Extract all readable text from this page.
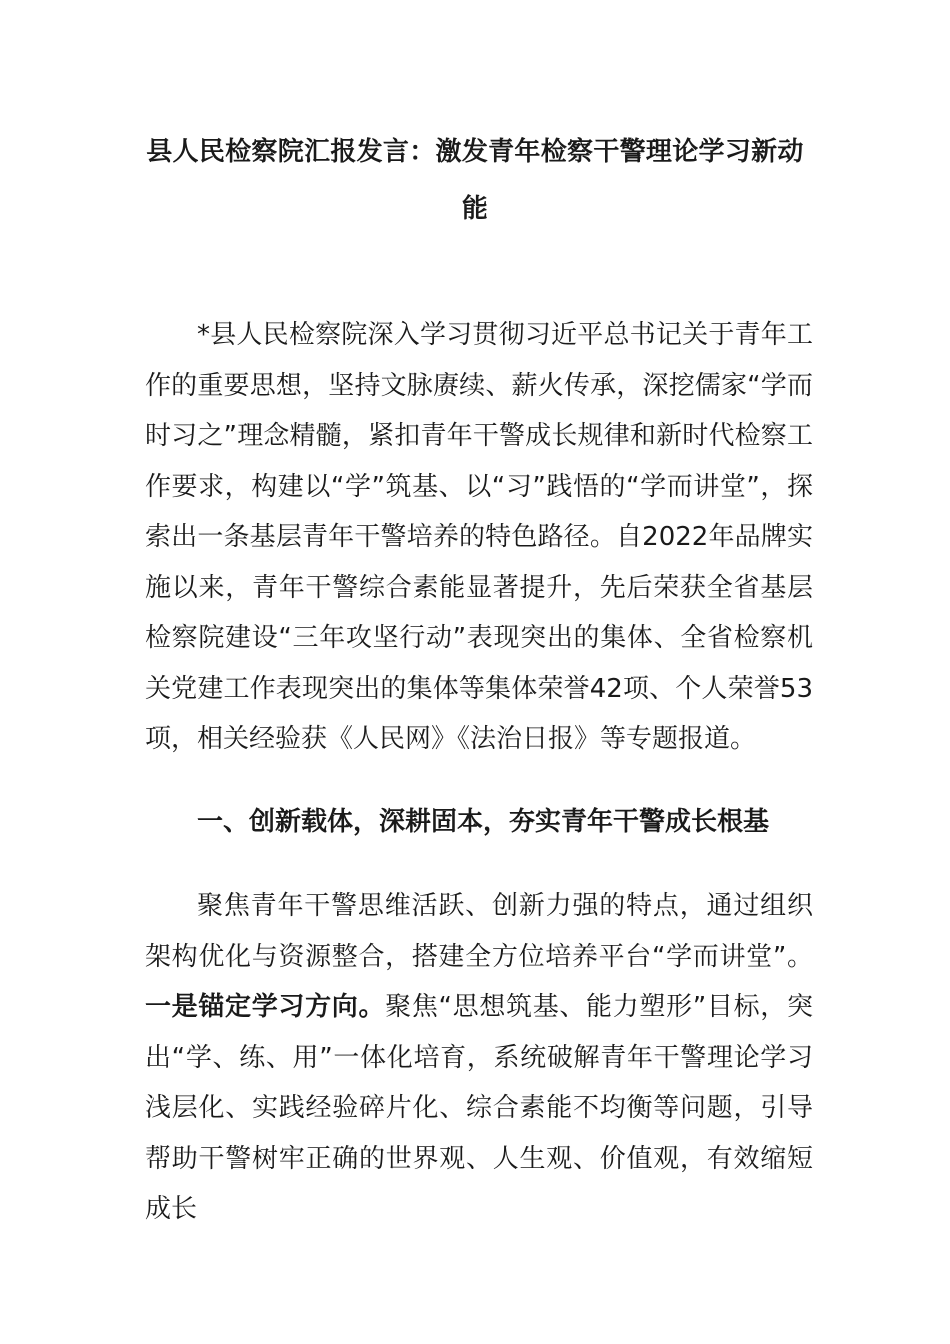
县人民检察院汇报发言：激发青年检察干警理论学习新动能

*县人民检察院深入学习贯彻习近平总书记关于青年工作的重要思想，坚持文脉赓续、薪火传承，深挖儒家“学而时习之”理念精髓，紧扣青年干警成长规律和新时代检察工作要求，构建以“学”筑基、以“习”践悟的“学而讲堂”，探索出一条基层青年干警培养的特色路径。自2022年品牌实施以来，青年干警综合素能显著提升，先后荣获全省基层检察院建设“三年攻坚行动”表现突出的集体、全省检察机关党建工作表现突出的集体等集体荣誉42项、个人荣誉53项，相关经验获《人民网》《法治日报》等专题报道。

一、创新载体，深耕固本，夯实青年干警成长根基

聚焦青年干警思维活跃、创新力强的特点，通过组织架构优化与资源整合，搭建全方位培养平台“学而讲堂”。一是锚定学习方向。聚焦“思想筑基、能力塑形”目标，突出“学、练、用”一体化培育，系统破解青年干警理论学习浅层化、实践经验碎片化、综合素能不均衡等问题，引导帮助干警树牢正确的世界观、人生观、价值观，有效缩短成长
